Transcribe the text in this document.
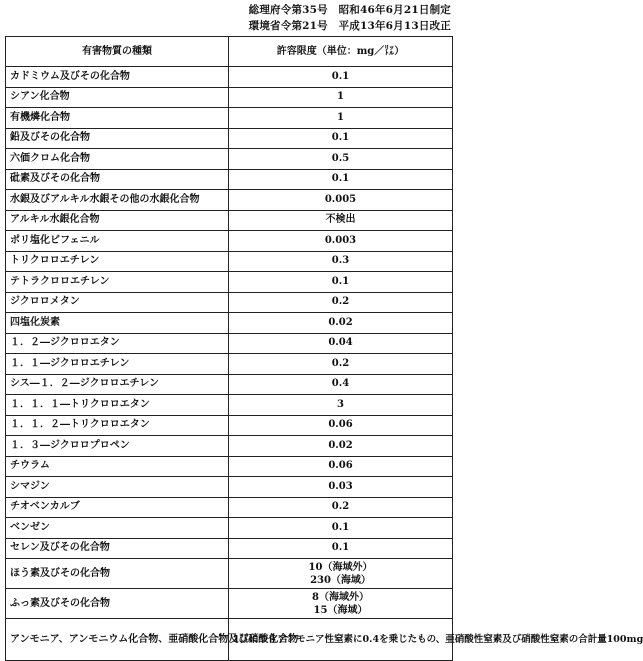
総理府令第35号　昭和46年6月21日制定
環境省令第21号　平成13年6月13日改正
有害物質の種類	許容限度（単位：mg／㍑）
カドミウム及びその化合物	0.1
シアン化合物	1
有機燐化合物	1
鉛及びその化合物	0.1
六価クロム化合物	0.5
砒素及びその化合物	0.1
水銀及びアルキル水銀その他の水銀化合物	0.005
アルキル水銀化合物	不検出
ポリ塩化ビフェニル	0.003
トリクロロエチレン	0.3
テトラクロロエチレン	0.1
ジクロロメタン	0.2
四塩化炭素	0.02
１．２―ジクロロエタン	0.04
１．１―ジクロロエチレン	0.2
シス―１．２―ジクロロエチレン	0.4
１．１．１―トリクロロエタン	3
１．１．２―トリクロロエタン	0.06
１．３―ジクロロプロペン	0.02
チウラム	0.06
シマジン	0.03
チオベンカルブ	0.2
ベンゼン	0.1
セレン及びその化合物	0.1
ほう素及びその化合物	10（海域外）
230（海域）

ふっ素及びその化合物	8（海域外）
15（海域）

アンモニア、アンモニウム化合物、亜硝酸化合物及び硝酸化合物	1㍑につきアンモニア性窒素に0.4を乗じたもの、亜硝酸性窒素及び硝酸性窒素の合計量100mg
